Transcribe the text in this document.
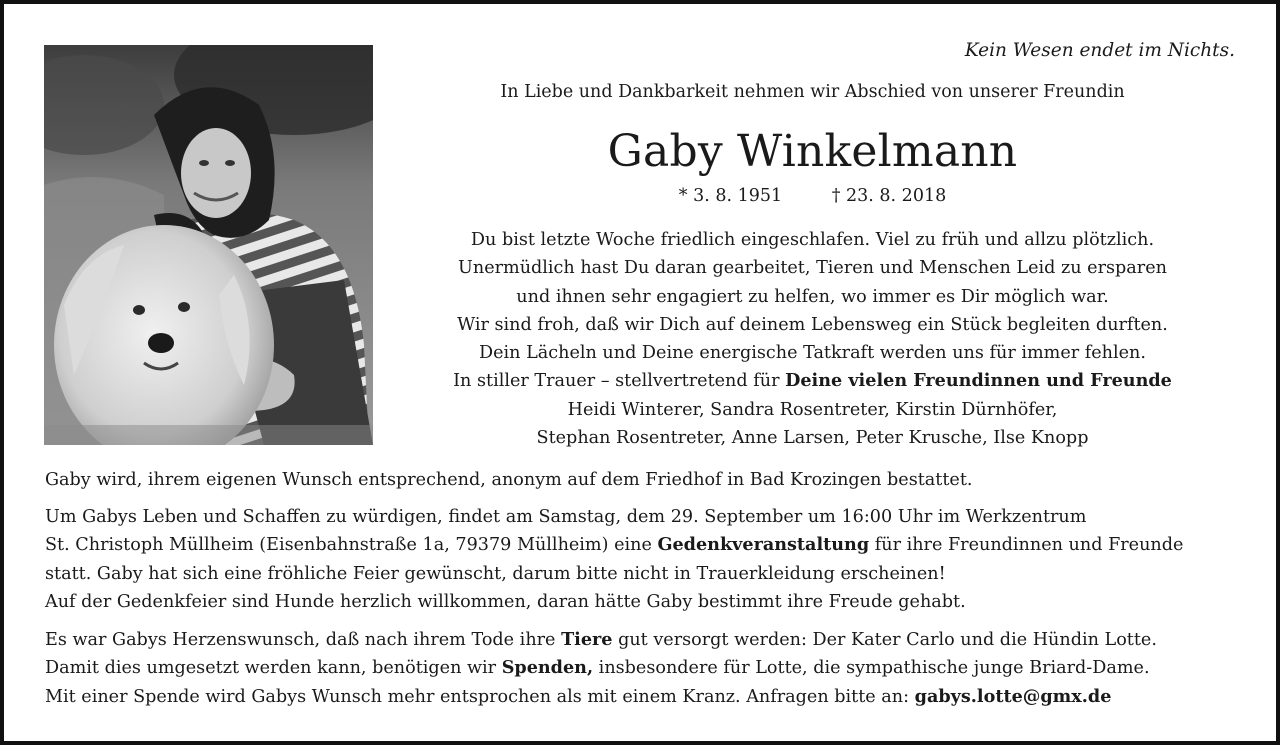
Kein Wesen endet im Nichts.
In Liebe und Dankbarkeit nehmen wir Abschied von unserer Freundin
Gaby Winkelmann
* 3. 8. 1951	† 23. 8. 2018
Du bist letzte Woche friedlich eingeschlafen. Viel zu früh und allzu plötzlich.
Unermüdlich hast Du daran gearbeitet, Tieren und Menschen Leid zu ersparen
und ihnen sehr engagiert zu helfen, wo immer es Dir möglich war.
Wir sind froh, daß wir Dich auf deinem Lebensweg ein Stück begleiten durften.
Dein Lächeln und Deine energische Tatkraft werden uns für immer fehlen.
In stiller Trauer – stellvertretend für Deine vielen Freundinnen und Freunde
Heidi Winterer, Sandra Rosentreter, Kirstin Dürnhöfer,
Stephan Rosentreter, Anne Larsen, Peter Krusche, Ilse Knopp
Gaby wird, ihrem eigenen Wunsch entsprechend, anonym auf dem Friedhof in Bad Krozingen bestattet.
Um Gabys Leben und Schaffen zu würdigen, findet am Samstag, dem 29. September um 16:00 Uhr im Werkzentrum
St. Christoph Müllheim (Eisenbahnstraße 1a, 79379 Müllheim) eine Gedenkveranstaltung für ihre Freundinnen und Freunde
statt. Gaby hat sich eine fröhliche Feier gewünscht, darum bitte nicht in Trauerkleidung erscheinen!
Auf der Gedenkfeier sind Hunde herzlich willkommen, daran hätte Gaby bestimmt ihre Freude gehabt.
Es war Gabys Herzenswunsch, daß nach ihrem Tode ihre Tiere gut versorgt werden: Der Kater Carlo und die Hündin Lotte.
Damit dies umgesetzt werden kann, benötigen wir Spenden, insbesondere für Lotte, die sympathische junge Briard-Dame.
Mit einer Spende wird Gabys Wunsch mehr entsprochen als mit einem Kranz. Anfragen bitte an: gabys.lotte@gmx.de
